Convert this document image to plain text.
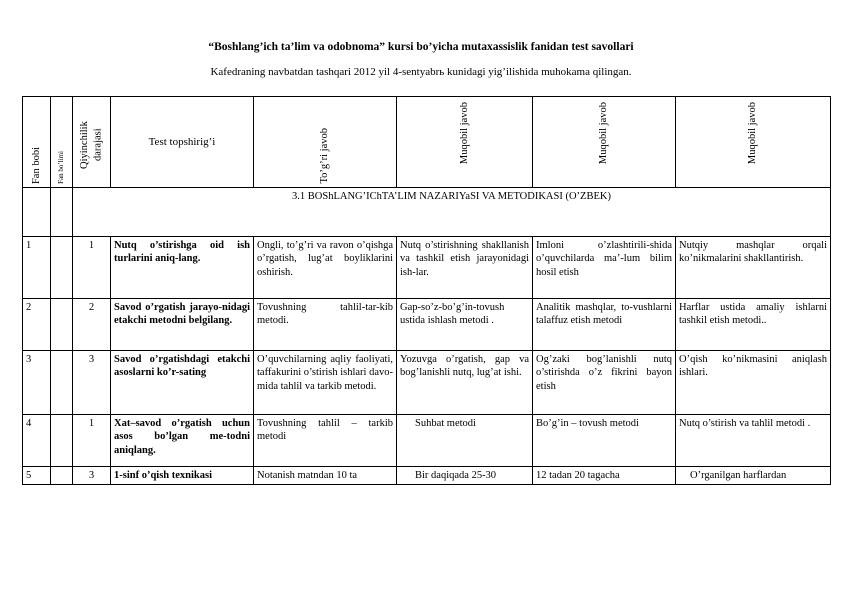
“Boshlang’ich ta’lim va odobnoma” kursi bo’yicha mutaxassislik fanidan test savollari
Kafedraning navbatdan tashqari 2012 yil 4-sentyabrь kunidagi yig’ilishida muhokama qilingan.
Fan bobi	Fan bo’limi	Qiyinchilik darajasi	Test topshirig’i	To’g’ri javob	Muqobil javob	Muqobil javob	Muqobil javob

		3.1 BOShLANG’IChTA’LIM NAZARIYaSI VA METODIKASI (O’ZBEK)					
1		1	Nutq o’stirishga oid ish turlarini aniq-lang.	Ongli, to’g’ri va ravon o’qishga o’rgatish, lug’at boyliklarini oshirish.	Nutq o’stirishning shakllanish va tashkil etish jarayonidagi ish-lar.	Imloni o’zlashtirili-shida o’quvchilarda ma’-lum bilim hosil etish	Nutqiy mashqlar orqali ko’nikmalarini shakllantirish.
2		2	Savod o’rgatish jarayo-nidagi etakchi metodni belgilang.	Tovushning tahlil-tar-kib metodi.	Gap-so’z-bo’g’in-tovush ustida ishlash metodi .	Analitik mashqlar, to-vushlarni talaffuz etish metodi	Harflar ustida amaliy ishlarni tashkil etish metodi..
3		3	Savod o’rgatishdagi etakchi asoslarni ko’r-sating	O’quvchilarning aqliy faoliyati, taffakurini o’stirish ishlari davo-mida tahlil va tarkib metodi.	Yozuvga o’rgatish, gap va bog’lanishli nutq, lug’at ishi.	Og’zaki bog’lanishli nutq o’stirishda o’z fikrini bayon etish	O’qish ko’nikmasini aniqlash ishlari.
4		1	Xat–savod o’rgatish uchun asos bo’lgan me-todni aniqlang.	Tovushning tahlil – tarkib metodi	Suhbat metodi	Bo’g’in – tovush metodi	Nutq o’stirish va tahlil metodi .
5		3	1-sinf o’qish texnikasi	Notanish matndan 10 ta	Bir daqiqada 25-30	12 tadan 20 tagacha	O’rganilgan harflardan
